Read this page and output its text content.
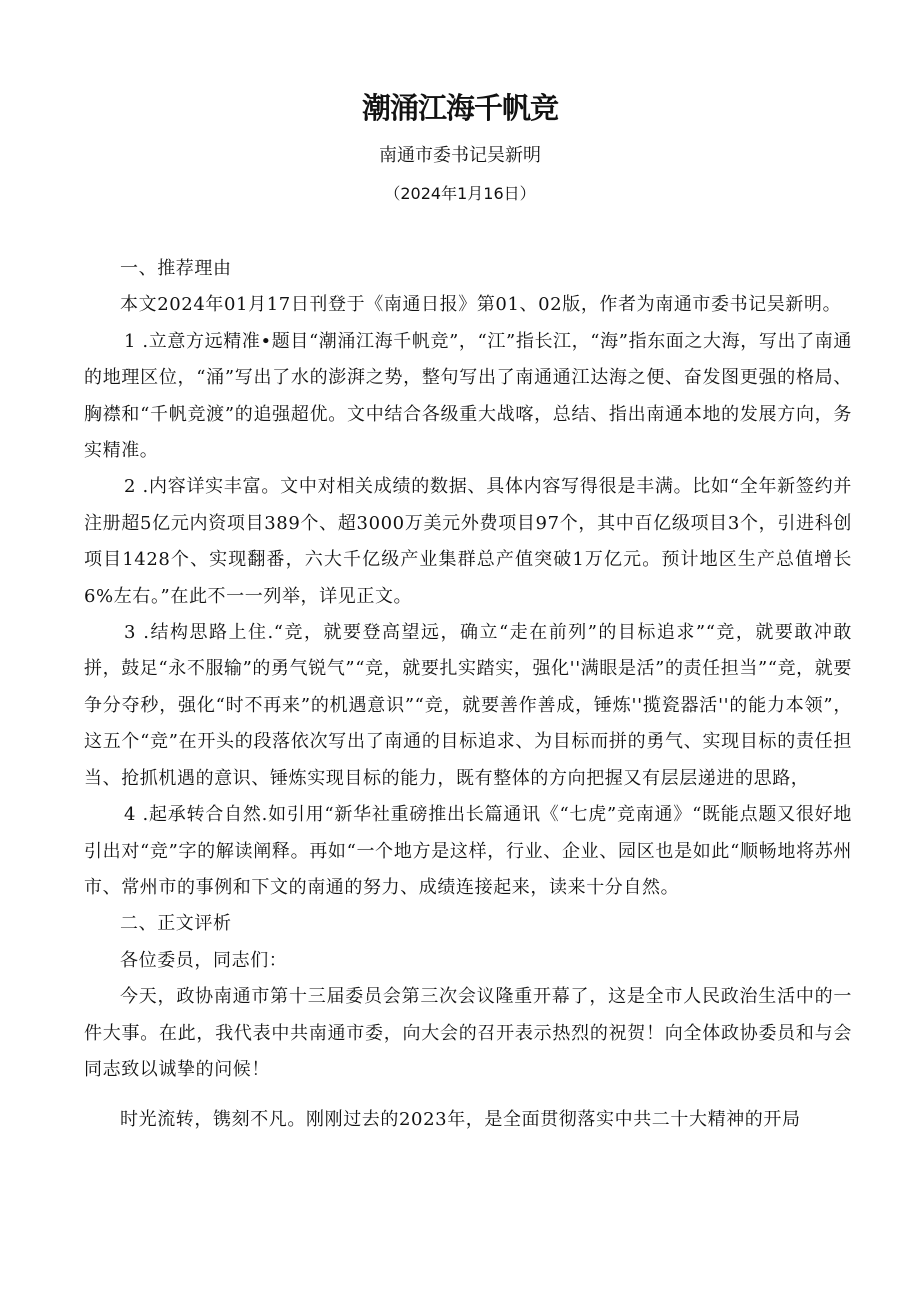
潮涌江海千帆竞
南通市委书记吴新明
（2024年1月16日）

一、推荐理由

本文2024年01月17日刊登于《南通日报》第01、02版，作者为南通市委书记吴新明。

1 .立意方远精准•题目“潮涌江海千帆竞”，“江”指长江，“海”指东面之大海，写出了南通的地理区位，“涌”写出了水的澎湃之势，整句写出了南通通江达海之便、奋发图更强的格局、胸襟和“千帆竞渡”的追强超优。文中结合各级重大战喀，总结、指出南通本地的发展方向，务实精准。

2 .内容详实丰富。文中对相关成绩的数据、具体内容写得很是丰满。比如“全年新签约并注册超5亿元内资项目389个、超3000万美元外费项目97个，其中百亿级项目3个，引进科创项目1428个、实现翻番，六大千亿级产业集群总产值突破1万亿元。预计地区生产总值增长6%左右。”在此不一一列举，详见正文。

3 .结构思路上住.“竞，就要登高望远，确立“走在前列”的目标追求”“竞，就要敢冲敢拼，鼓足“永不服输”的勇气锐气”“竞，就要扎实踏实，强化''满眼是活”的责任担当”“竞，就要争分夺秒，强化“时不再来”的机遇意识”“竞，就要善作善成，锤炼''揽瓷器活''的能力本领”，这五个“竞”在开头的段落依次写出了南通的目标追求、为目标而拼的勇气、实现目标的责任担当、抢抓机遇的意识、锤炼实现目标的能力，既有整体的方向把握又有层层递进的思路，

4 .起承转合自然.如引用“新华社重磅推出长篇通讯《“七虎”竞南通》“既能点题又很好地引出对“竞”字的解读阐释。再如“一个地方是这样，行业、企业、园区也是如此“顺畅地将苏州市、常州市的事例和下文的南通的努力、成绩连接起来，读来十分自然。

二、正文评析

各位委员，同志们：

今天，政协南通市第十三届委员会第三次会议隆重开幕了，这是全市人民政治生活中的一件大事。在此，我代表中共南通市委，向大会的召开表示热烈的祝贺！向全体政协委员和与会同志致以诚挚的问候！

时光流转，镌刻不凡。刚刚过去的2023年，是全面贯彻落实中共二十大精神的开局
